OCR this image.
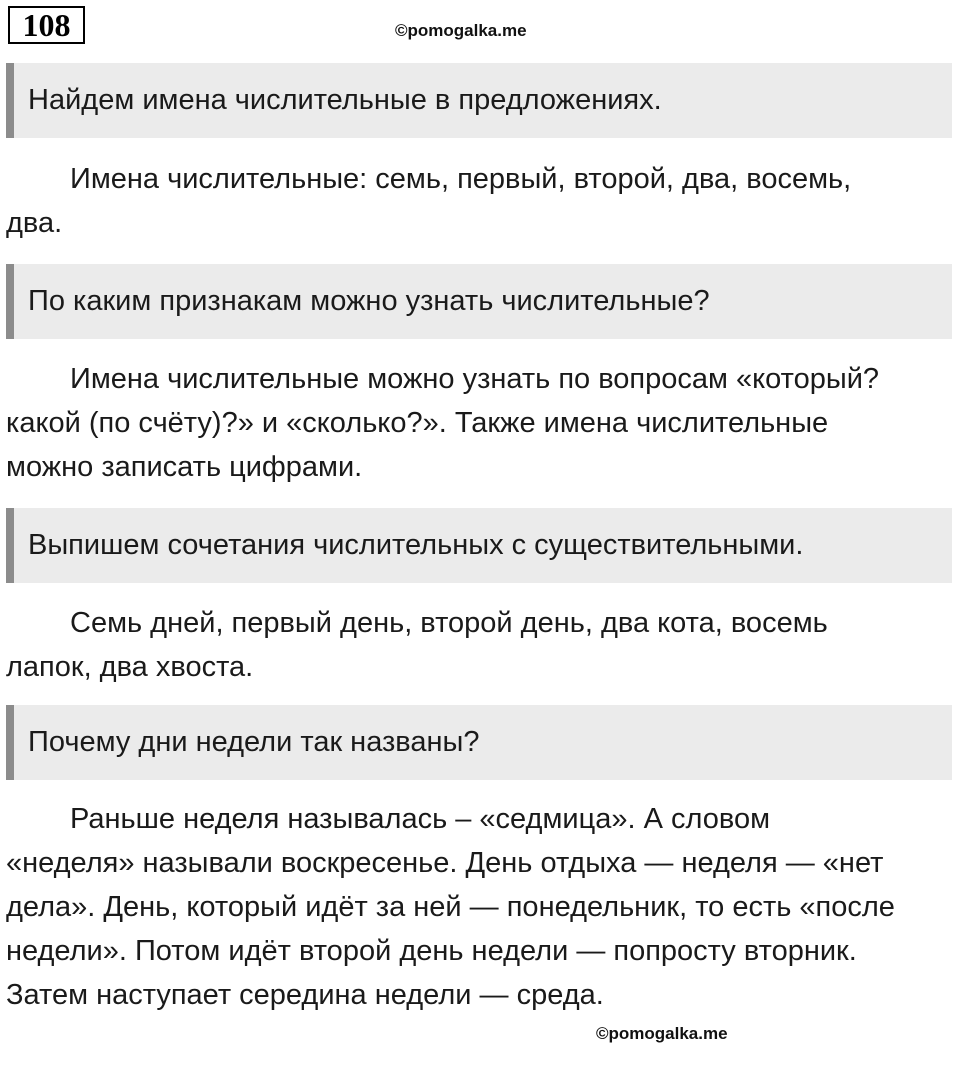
108	©pomogalka.me
Найдем имена числительные в предложениях.
Имена числительные: семь, первый, второй, два, восемь, два.
По каким признакам можно узнать числительные?
Имена числительные можно узнать по вопросам «который? какой (по счёту)?» и «сколько?». Также имена числительные можно записать цифрами.
Выпишем сочетания числительных с существительными.
Семь дней, первый день, второй день, два кота, восемь лапок, два хвоста.
Почему дни недели так названы?
Раньше неделя называлась – «седмица». А словом «неделя» называли воскресенье. День отдыха — неделя — «нет дела». День, который идёт за ней — понедельник, то есть «после недели». Потом идёт второй день недели — попросту вторник. Затем наступает середина недели — среда.
©pomogalka.me
